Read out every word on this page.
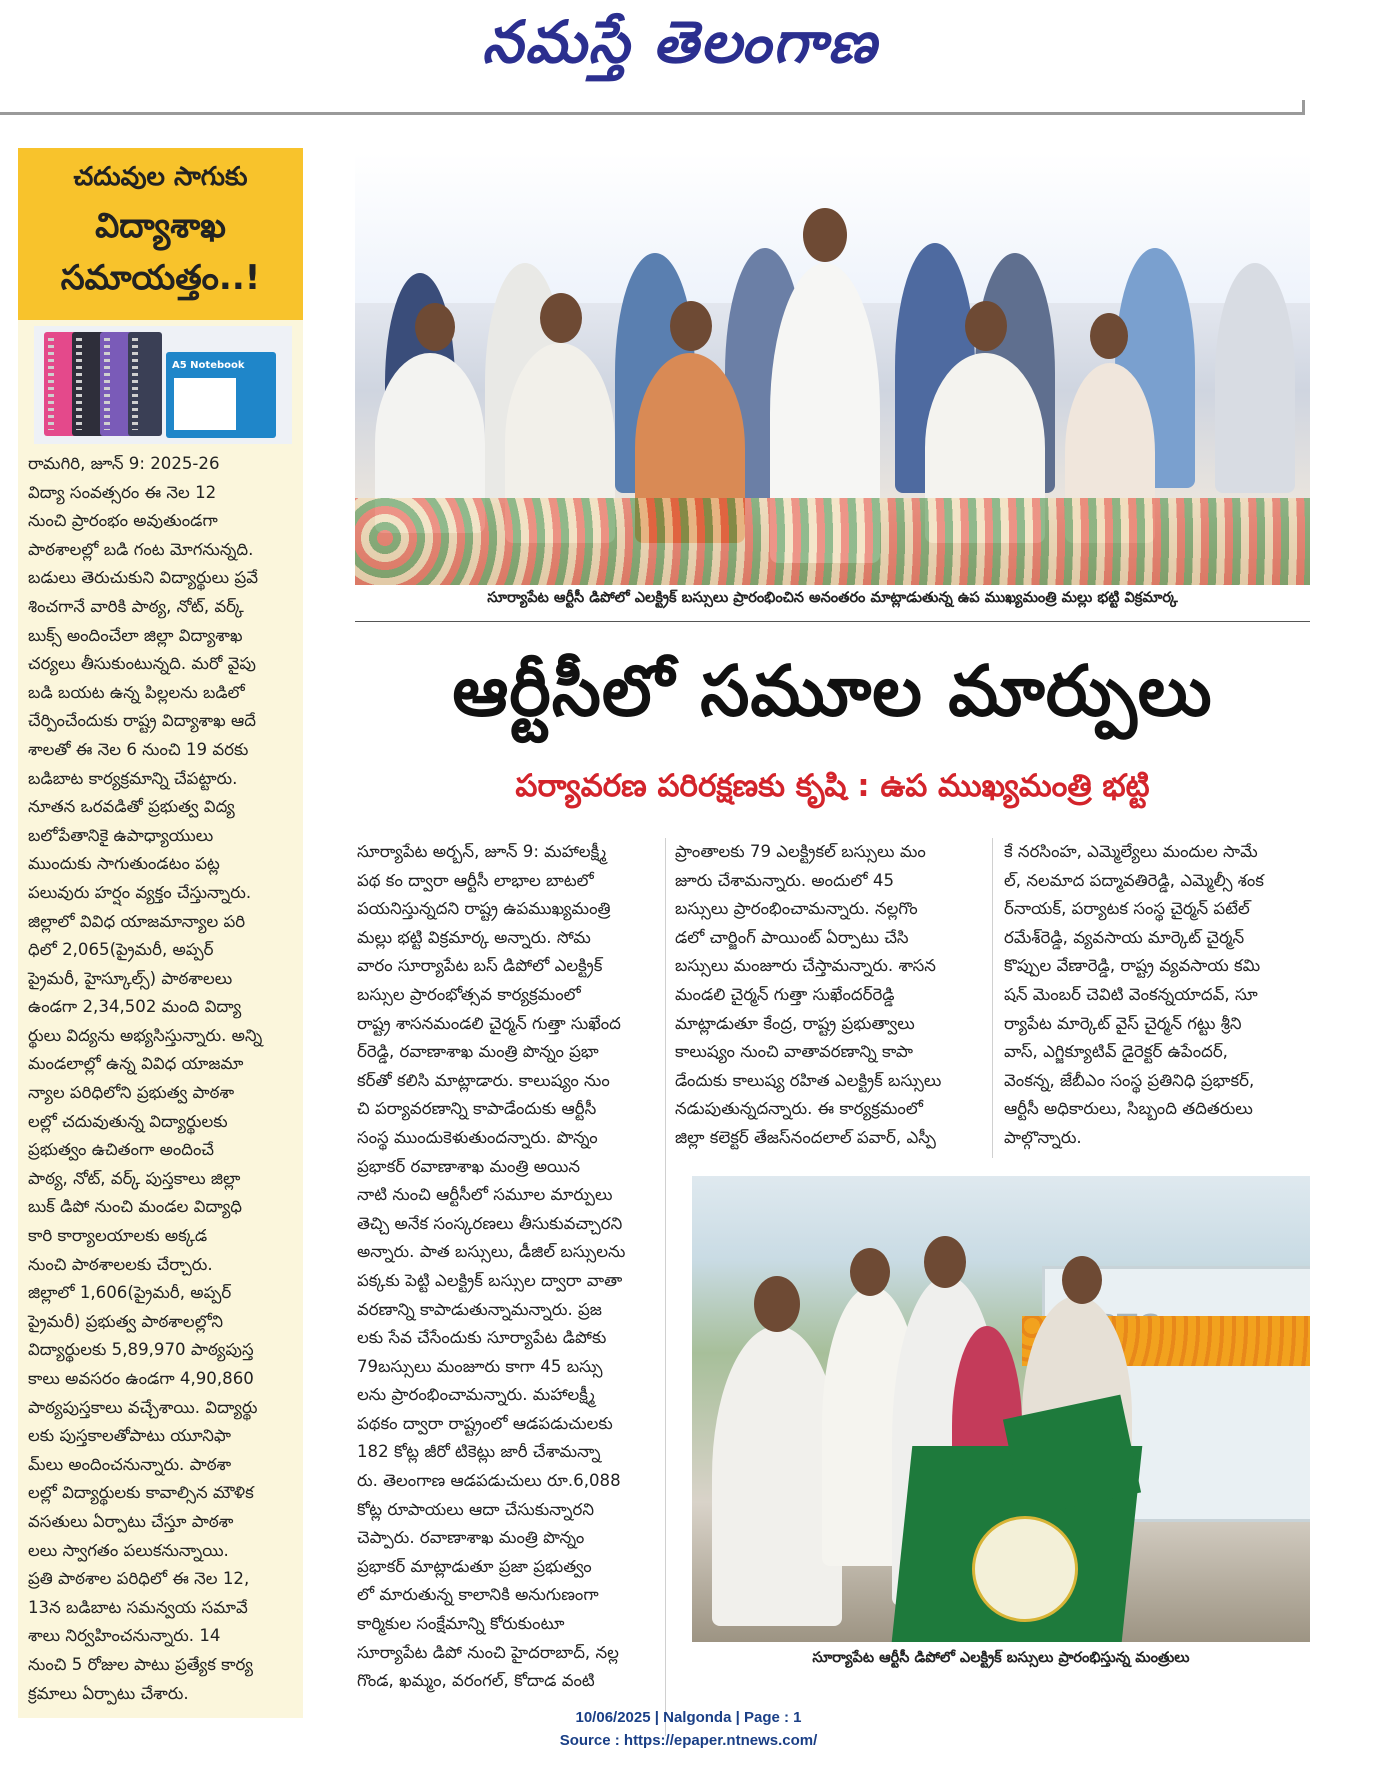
నమస్తే తెలంగాణ
చదువుల సాగుకు
విద్యాశాఖ
సమాయత్తం..!
A5 Notebook
రామగిరి, జూన్ 9: 2025-26
విద్యా సంవత్సరం ఈ నెల 12
నుంచి ప్రారంభం అవుతుండగా
పాఠశాలల్లో బడి గంట మోగనున్నది.
బడులు తెరుచుకుని విద్యార్థులు ప్రవే
శించగానే వారికి పాఠ్య, నోట్, వర్క్
బుక్స్ అందించేలా జిల్లా విద్యాశాఖ
చర్యలు తీసుకుంటున్నది. మరో వైపు
బడి బయట ఉన్న పిల్లలను బడిలో
చేర్పించేందుకు రాష్ట్ర విద్యాశాఖ ఆదే
శాలతో ఈ నెల 6 నుంచి 19 వరకు
బడిబాట కార్యక్రమాన్ని చేపట్టారు.
నూతన ఒరవడితో ప్రభుత్వ విద్య
బలోపేతానికై ఉపాధ్యాయులు
ముందుకు సాగుతుండటం పట్ల
పలువురు హర్షం వ్యక్తం చేస్తున్నారు.
జిల్లాలో వివిధ యాజమాన్యాల పరి
ధిలో 2,065(ప్రైమరీ, అప్పర్
ప్రైమరీ, హైస్కూల్స్) పాఠశాలలు
ఉండగా 2,34,502 మంది విద్యా
ర్థులు విద్యను అభ్యసిస్తున్నారు. అన్ని
మండలాల్లో ఉన్న వివిధ యాజమా
న్యాల పరిధిలోని ప్రభుత్వ పాఠశా
లల్లో చదువుతున్న విద్యార్థులకు
ప్రభుత్వం ఉచితంగా అందించే
పాఠ్య, నోట్, వర్క్ పుస్తకాలు జిల్లా
బుక్ డిపో నుంచి మండల విద్యాధి
కారి కార్యాలయాలకు అక్కడ
నుంచి పాఠశాలలకు చేర్చారు.
జిల్లాలో 1,606(ప్రైమరీ, అప్పర్
ప్రైమరీ) ప్రభుత్వ పాఠశాలల్లోని
విద్యార్థులకు 5,89,970 పాఠ్యపుస్త
కాలు అవసరం ఉండగా 4,90,860
పాఠ్యపుస్తకాలు వచ్చేశాయి. విద్యార్థు
లకు పుస్తకాలతోపాటు యూనిఫా
మ్‌లు అందించనున్నారు. పాఠశా
లల్లో విద్యార్థులకు కావాల్సిన మౌళిక
వసతులు ఏర్పాటు చేస్తూ పాఠశా
లలు స్వాగతం పలుకనున్నాయి.
ప్రతి పాఠశాల పరిధిలో ఈ నెల 12,
13న బడిబాట సమన్వయ సమావే
శాలు నిర్వహించనున్నారు. 14
నుంచి 5 రోజుల పాటు ప్రత్యేక కార్య
క్రమాలు ఏర్పాటు చేశారు.
సూర్యాపేట ఆర్టీసీ డిపోలో ఎలక్ట్రిక్ బస్సులు ప్రారంభించిన అనంతరం మాట్లాడుతున్న ఉప ముఖ్యమంత్రి మల్లు భట్టి విక్రమార్క
ఆర్టీసీలో సమూల మార్పులు
పర్యావరణ పరిరక్షణకు కృషి : ఉప ముఖ్యమంత్రి భట్టి
సూర్యాపేట అర్బన్, జూన్ 9: మహాలక్ష్మీ
పథ కం ద్వారా ఆర్టీసీ లాభాల బాటలో
పయనిస్తున్నదని రాష్ట్ర ఉపముఖ్యమంత్రి
మల్లు భట్టి విక్రమార్క అన్నారు. సోమ
వారం సూర్యాపేట బస్ డిపోలో ఎలక్ట్రిక్
బస్సుల ప్రారంభోత్సవ కార్యక్రమంలో
రాష్ట్ర శాసనమండలి చైర్మన్ గుత్తా సుఖేంద
ర్‌రెడ్డి, రవాణాశాఖ మంత్రి పొన్నం ప్రభా
కర్‌తో కలిసి మాట్లాడారు. కాలుష్యం నుం
చి పర్యావరణాన్ని కాపాడేందుకు ఆర్టీసీ
సంస్థ ముందుకెళుతుందన్నారు. పొన్నం
ప్రభాకర్ రవాణాశాఖ మంత్రి అయిన
నాటి నుంచి ఆర్టీసీలో సమూల మార్పులు
తెచ్చి అనేక సంస్కరణలు తీసుకువచ్చారని
అన్నారు. పాత బస్సులు, డీజిల్ బస్సులను
పక్కకు పెట్టి ఎలక్ట్రిక్ బస్సుల ద్వారా వాతా
వరణాన్ని కాపాడుతున్నామన్నారు. ప్రజ
లకు సేవ చేసేందుకు సూర్యాపేట డిపోకు
79బస్సులు మంజూరు కాగా 45 బస్సు
లను ప్రారంభించామన్నారు. మహాలక్ష్మీ
పథకం ద్వారా రాష్ట్రంలో ఆడపడుచులకు
182 కోట్ల జీరో టికెట్లు జారీ చేశామన్నా
రు. తెలంగాణ ఆడపడుచులు రూ.6,088
కోట్ల రూపాయలు ఆదా చేసుకున్నారని
చెప్పారు. రవాణాశాఖ మంత్రి పొన్నం
ప్రభాకర్ మాట్లాడుతూ ప్రజా ప్రభుత్వం
లో మారుతున్న కాలానికి అనుగుణంగా
కార్మికుల సంక్షేమాన్ని కోరుకుంటూ
సూర్యాపేట డిపో నుంచి హైదరాబాద్, నల్ల
గొండ, ఖమ్మం, వరంగల్, కోదాడ వంటి
ప్రాంతాలకు 79 ఎలక్ట్రికల్ బస్సులు మం
జూరు చేశామన్నారు. అందులో 45
బస్సులు ప్రారంభించామన్నారు. నల్లగొం
డలో చార్జింగ్ పాయింట్ ఏర్పాటు చేసి
బస్సులు మంజూరు చేస్తామన్నారు. శాసన
మండలి చైర్మన్ గుత్తా సుఖేందర్‌రెడ్డి
మాట్లాడుతూ కేంద్ర, రాష్ట్ర ప్రభుత్వాలు
కాలుష్యం నుంచి వాతావరణాన్ని కాపా
డేందుకు కాలుష్య రహిత ఎలక్ట్రిక్ బస్సులు
నడుపుతున్నదన్నారు. ఈ కార్యక్రమంలో
జిల్లా కలెక్టర్ తేజస్‌నందలాల్ పవార్, ఎస్పీ
కే నరసింహ, ఎమ్మెల్యేలు మందుల సామే
ల్, నలమాద పద్మావతిరెడ్డి, ఎమ్మెల్సీ శంక
ర్‌నాయక్, పర్యాటక సంస్థ చైర్మన్ పటేల్
రమేశ్‌రెడ్డి, వ్యవసాయ మార్కెట్ చైర్మన్
కొప్పుల వేణారెడ్డి, రాష్ట్ర వ్యవసాయ కమి
షన్ మెంబర్ చెవిటి వెంకన్నయాదవ్, సూ
ర్యాపేట మార్కెట్ వైస్ చైర్మన్ గట్టు శ్రీని
వాస్, ఎగ్జిక్యూటివ్ డైరెక్టర్ ఉపేందర్,
వెంకన్న, జేబీఎం సంస్థ ప్రతినిధి ప్రభాకర్,
ఆర్టీసీ అధికారులు, సిబ్బంది తదితరులు
పాల్గొన్నారు.
సూర్యాపేట ఆర్టీసీ డిపోలో ఎలక్ట్రిక్ బస్సులు ప్రారంభిస్తున్న మంత్రులు
10/06/2025 | Nalgonda | Page : 1
Source : https://epaper.ntnews.com/
